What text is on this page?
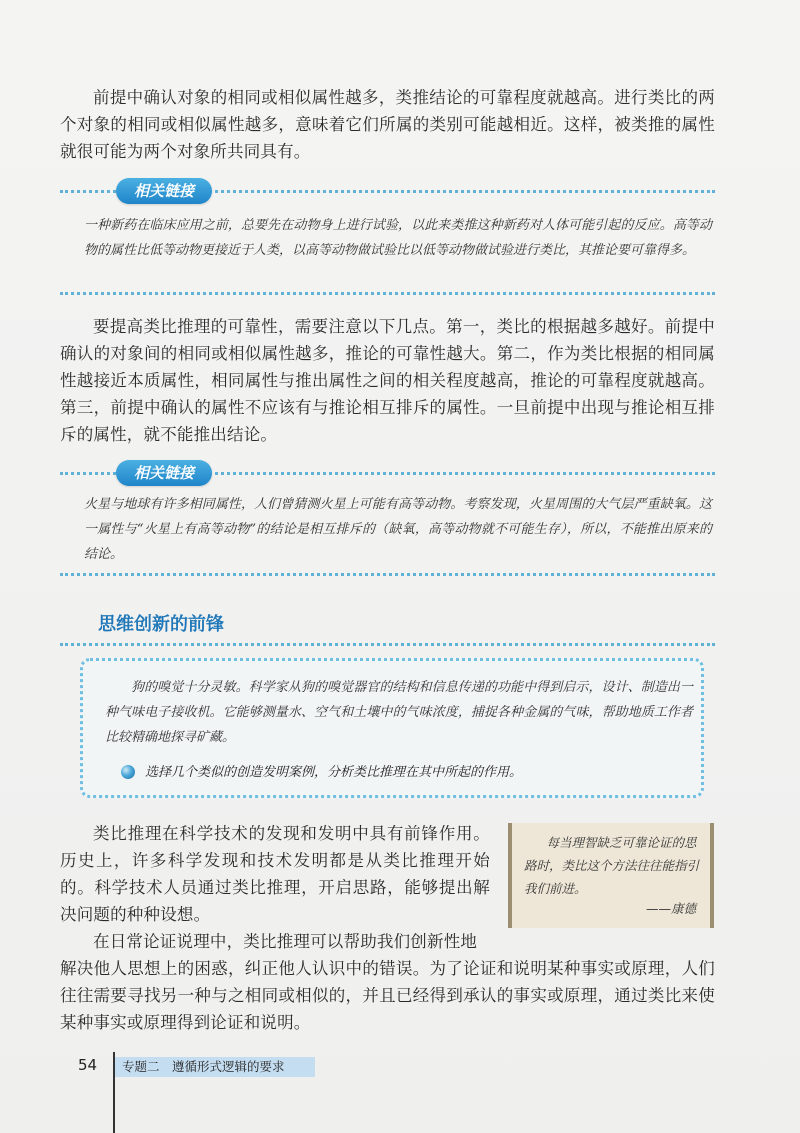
前提中确认对象的相同或相似属性越多，类推结论的可靠程度就越高。进行类比的两个对象的相同或相似属性越多，意味着它们所属的类别可能越相近。这样，被类推的属性就很可能为两个对象所共同具有。

相关链接

一种新药在临床应用之前，总要先在动物身上进行试验，以此来类推这种新药对人体可能引起的反应。高等动物的属性比低等动物更接近于人类，以高等动物做试验比以低等动物做试验进行类比，其推论要可靠得多。

要提高类比推理的可靠性，需要注意以下几点。第一，类比的根据越多越好。前提中确认的对象间的相同或相似属性越多，推论的可靠性越大。第二，作为类比根据的相同属性越接近本质属性，相同属性与推出属性之间的相关程度越高，推论的可靠程度就越高。第三，前提中确认的属性不应该有与推论相互排斥的属性。一旦前提中出现与推论相互排斥的属性，就不能推出结论。

相关链接

火星与地球有许多相同属性，人们曾猜测火星上可能有高等动物。考察发现，火星周围的大气层严重缺氧。这一属性与“火星上有高等动物”的结论是相互排斥的（缺氧，高等动物就不可能生存），所以，不能推出原来的结论。

思维创新的前锋

狗的嗅觉十分灵敏。科学家从狗的嗅觉器官的结构和信息传递的功能中得到启示，设计、制造出一种气味电子接收机。它能够测量水、空气和土壤中的气味浓度，捕捉各种金属的气味，帮助地质工作者比较精确地探寻矿藏。

选择几个类似的创造发明案例，分析类比推理在其中所起的作用。

类比推理在科学技术的发现和发明中具有前锋作用。历史上，许多科学发现和技术发明都是从类比推理开始的。科学技术人员通过类比推理，开启思路，能够提出解决问题的种种设想。

每当理智缺乏可靠论证的思路时，类比这个方法往往能指引我们前进。

——康德

在日常论证说理中，类比推理可以帮助我们创新性地

解决他人思想上的困惑，纠正他人认识中的错误。为了论证和说明某种事实或原理，人们往往需要寻找另一种与之相同或相似的，并且已经得到承认的事实或原理，通过类比来使某种事实或原理得到论证和说明。

54 专题二　遵循形式逻辑的要求
